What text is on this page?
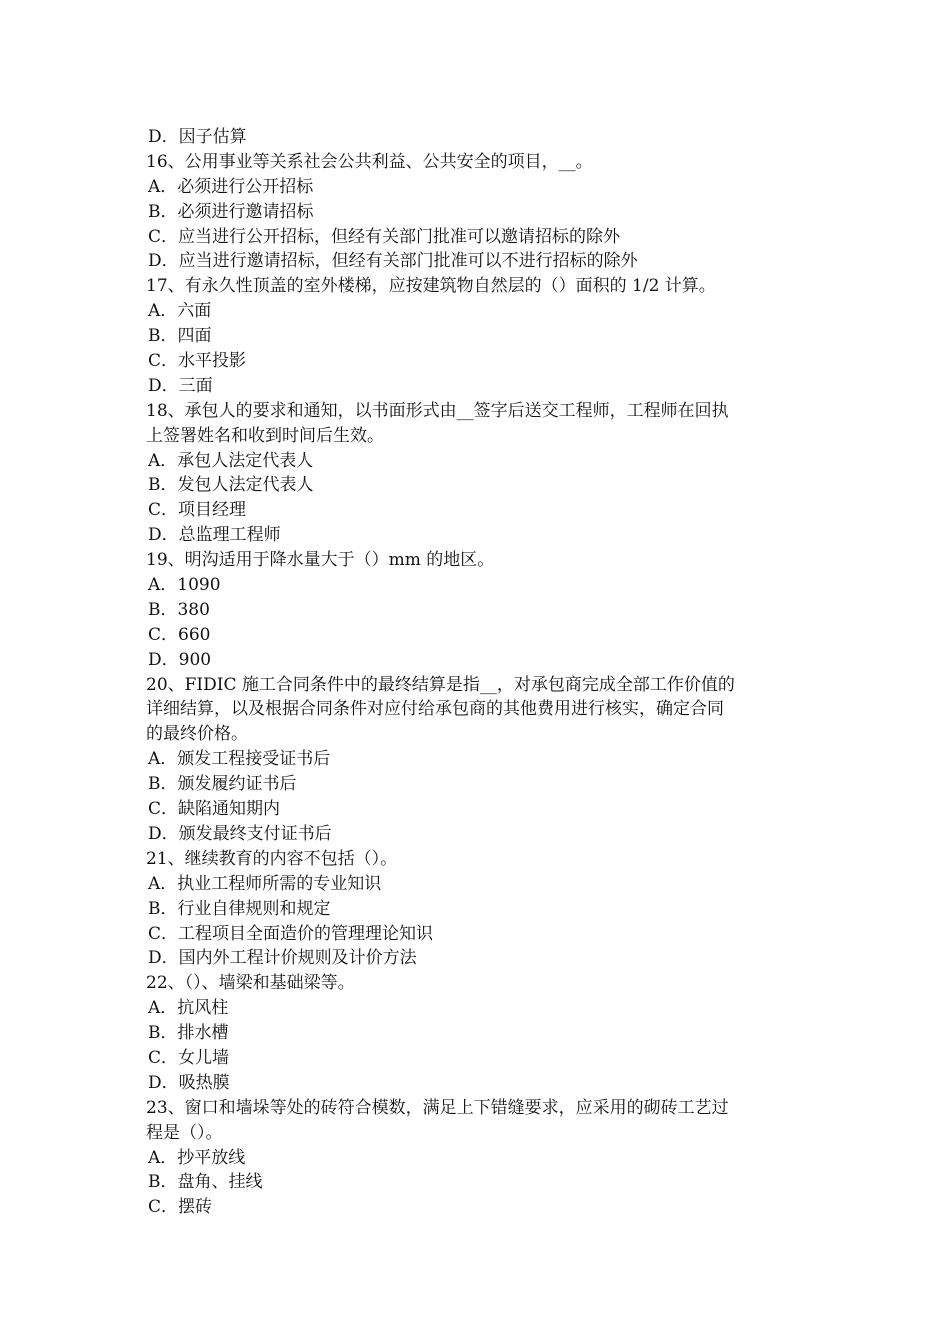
D．因子估算
16、公用事业等关系社会公共利益、公共安全的项目，__。
A．必须进行公开招标
B．必须进行邀请招标
C．应当进行公开招标，但经有关部门批准可以邀请招标的除外
D．应当进行邀请招标，但经有关部门批准可以不进行招标的除外
17、有永久性顶盖的室外楼梯，应按建筑物自然层的（）面积的 1/2 计算。
A．六面
B．四面
C．水平投影
D．三面
18、承包人的要求和通知，以书面形式由__签字后送交工程师，工程师在回执
上签署姓名和收到时间后生效。
A．承包人法定代表人
B．发包人法定代表人
C．项目经理
D．总监理工程师
19、明沟适用于降水量大于（）mm 的地区。
A．1090
B．380
C．660
D．900
20、FIDIC 施工合同条件中的最终结算是指__，对承包商完成全部工作价值的
详细结算，以及根据合同条件对应付给承包商的其他费用进行核实，确定合同
的最终价格。
A．颁发工程接受证书后
B．颁发履约证书后
C．缺陷通知期内
D．颁发最终支付证书后
21、继续教育的内容不包括（）。
A．执业工程师所需的专业知识
B．行业自律规则和规定
C．工程项目全面造价的管理理论知识
D．国内外工程计价规则及计价方法
22、（）、墙梁和基础梁等。
A．抗风柱
B．排水槽
C．女儿墙
D．吸热膜
23、窗口和墙垛等处的砖符合模数，满足上下错缝要求，应采用的砌砖工艺过
程是（）。
A．抄平放线
B．盘角、挂线
C．摆砖
